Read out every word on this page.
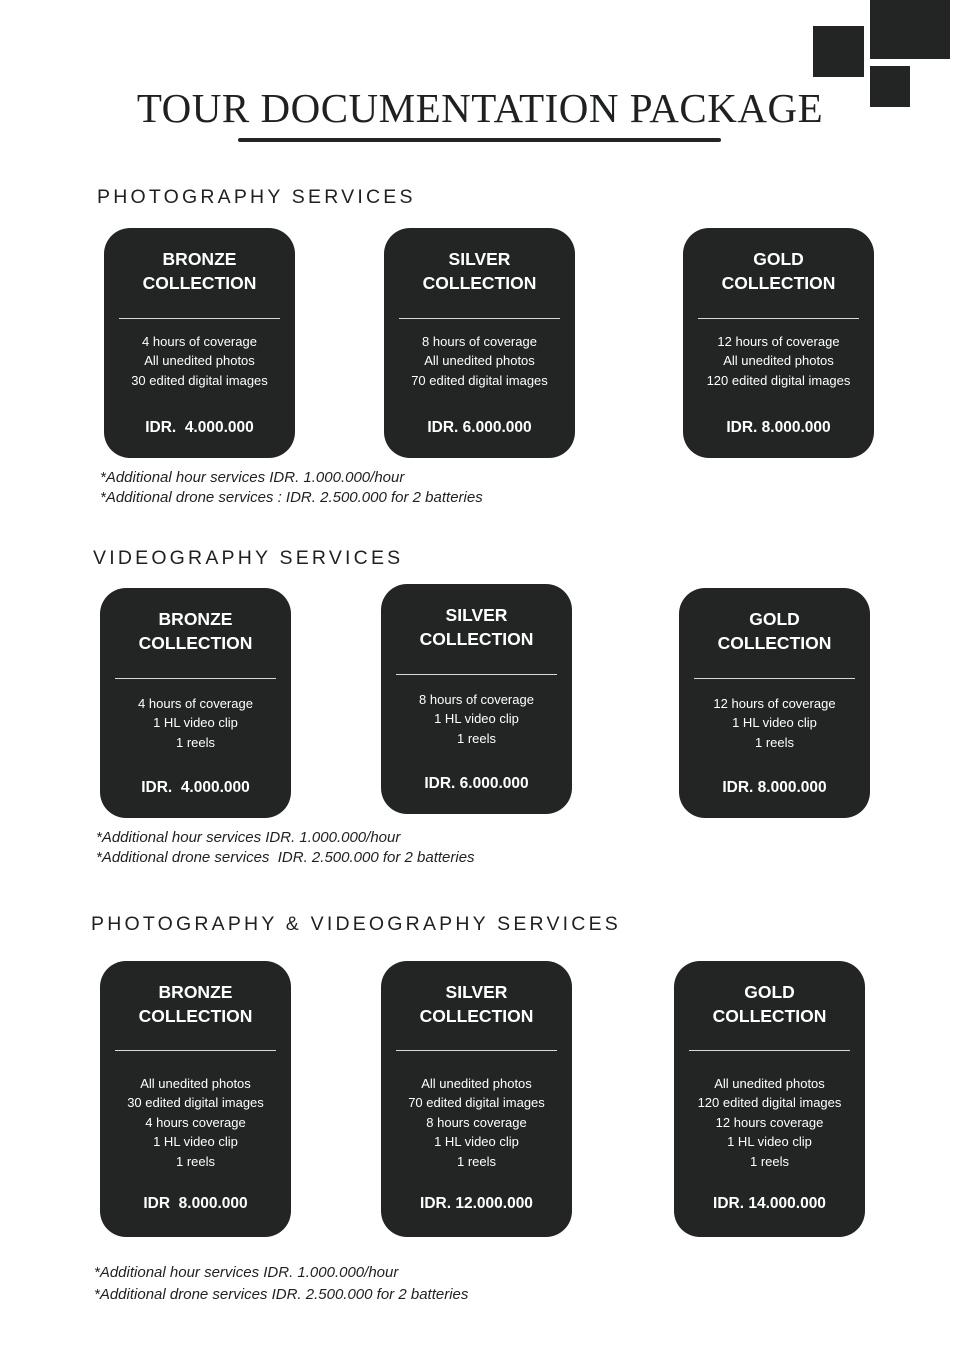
TOUR DOCUMENTATION PACKAGE
PHOTOGRAPHY SERVICES
BRONZE
COLLECTION
4 hours of coverage
All unedited photos
30 edited digital images
IDR.  4.000.000
SILVER
COLLECTION
8 hours of coverage
All unedited photos
70 edited digital images
IDR. 6.000.000
GOLD
COLLECTION
12 hours of coverage
All unedited photos
120 edited digital images
IDR. 8.000.000
*Additional hour services IDR. 1.000.000/hour
*Additional drone services : IDR. 2.500.000 for 2 batteries
VIDEOGRAPHY SERVICES
BRONZE
COLLECTION
4 hours of coverage
1 HL video clip
1 reels
IDR.  4.000.000
SILVER
COLLECTION
8 hours of coverage
1 HL video clip
1 reels
IDR. 6.000.000
GOLD
COLLECTION
12 hours of coverage
1 HL video clip
1 reels
IDR. 8.000.000
*Additional hour services IDR. 1.000.000/hour
*Additional drone services  IDR. 2.500.000 for 2 batteries
PHOTOGRAPHY & VIDEOGRAPHY SERVICES
BRONZE
COLLECTION
All unedited photos
30 edited digital images
4 hours coverage
1 HL video clip
1 reels
IDR  8.000.000
SILVER
COLLECTION
All unedited photos
70 edited digital images
8 hours coverage
1 HL video clip
1 reels
IDR. 12.000.000
GOLD
COLLECTION
All unedited photos
120 edited digital images
12 hours coverage
1 HL video clip
1 reels
IDR. 14.000.000
*Additional hour services IDR. 1.000.000/hour
*Additional drone services IDR. 2.500.000 for 2 batteries
